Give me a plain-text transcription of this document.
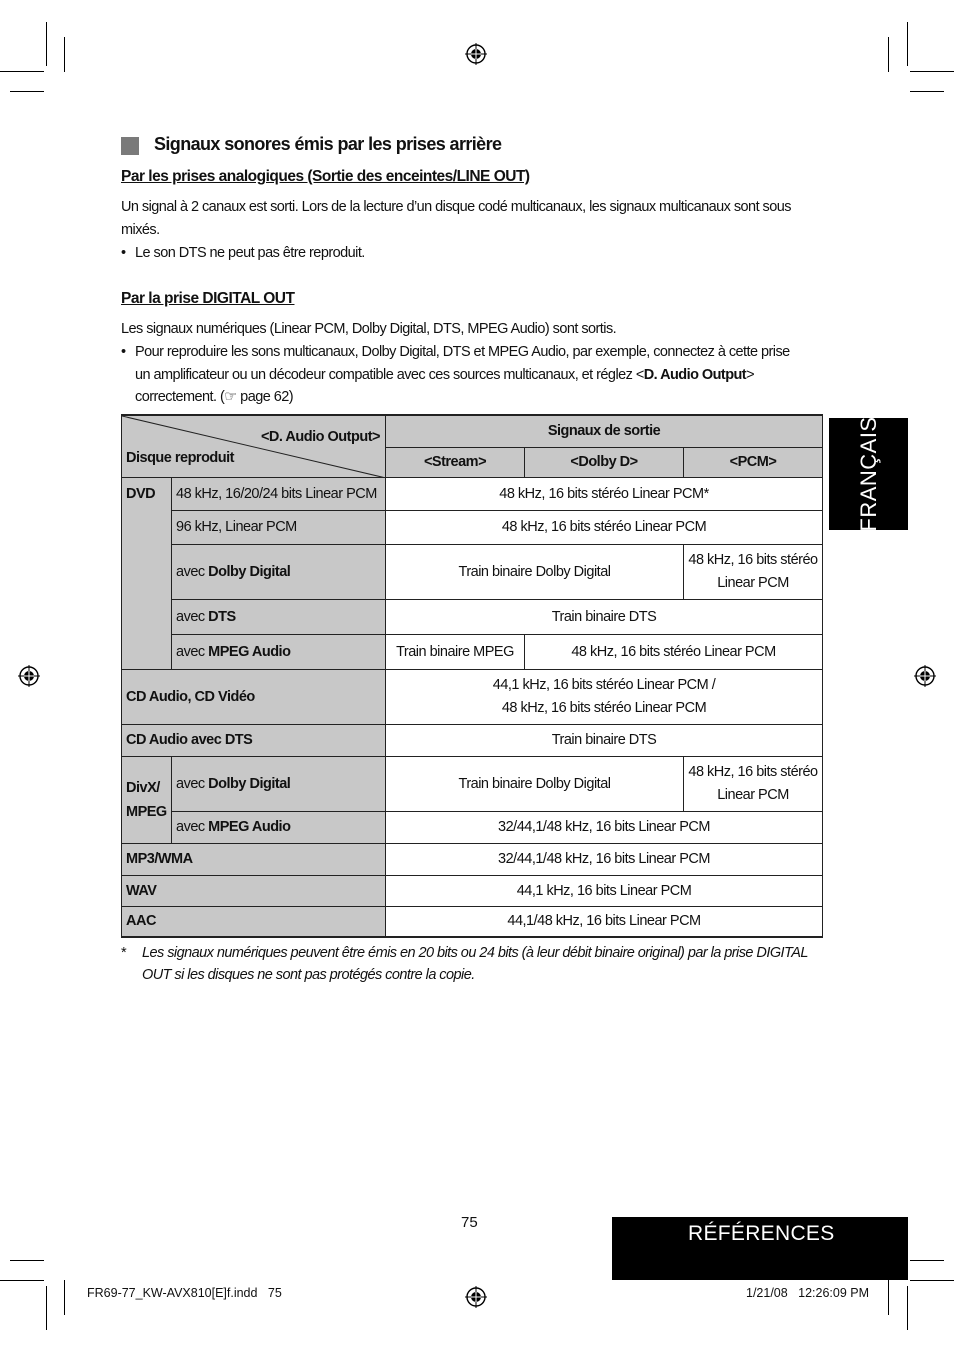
Signaux sonores émis par les prises arrière
Par les prises analogiques (Sortie des enceintes/LINE OUT)
Un signal à 2 canaux est sorti. Lors de la lecture d’un disque codé multicanaux, les signaux multicanaux sont sous
mixés.
• Le son DTS ne peut pas être reproduit.
Par la prise DIGITAL OUT
Les signaux numériques (Linear PCM, Dolby Digital, DTS, MPEG Audio) sont sortis.
• Pour reproduire les sons multicanaux, Dolby Digital, DTS et MPEG Audio, par exemple, connectez à cette prise
un amplificateur ou un décodeur compatible avec ces sources multicanaux, et réglez <D. Audio Output>
correctement. (☞ page 62)
<D. Audio Output>
Disque reproduit		Signaux de sortie		
		<Stream>	<Dolby D>	<PCM>
DVD	48 kHz, 16/20/24 bits Linear PCM	48 kHz, 16 bits stéréo Linear PCM*		
	96 kHz, Linear PCM	48 kHz, 16 bits stéréo Linear PCM		
	avec Dolby Digital	Train binaire Dolby Digital		48 kHz, 16 bits stéréo
Linear PCM
	avec DTS	Train binaire DTS		
	avec MPEG Audio	Train binaire MPEG	48 kHz, 16 bits stéréo Linear PCM	
CD Audio, CD Vidéo		44,1 kHz, 16 bits stéréo Linear PCM /
48 kHz, 16 bits stéréo Linear PCM		
CD Audio avec DTS		Train binaire DTS		
DivX/
MPEG	avec Dolby Digital	Train binaire Dolby Digital		48 kHz, 16 bits stéréo
Linear PCM
	avec MPEG Audio	32/44,1/48 kHz, 16 bits Linear PCM		
MP3/WMA		32/44,1/48 kHz, 16 bits Linear PCM		
WAV		44,1 kHz, 16 bits Linear PCM		
AAC		44,1/48 kHz, 16 bits Linear PCM		
* Les signaux numériques peuvent être émis en 20 bits ou 24 bits (à leur débit binaire original) par la prise DIGITAL
OUT si les disques ne sont pas protégés contre la copie.
FRANÇAIS
RÉFÉRENCES
75
FR69-77_KW-AVX810[E]f.indd   75	1/21/08   12:26:09 PM
